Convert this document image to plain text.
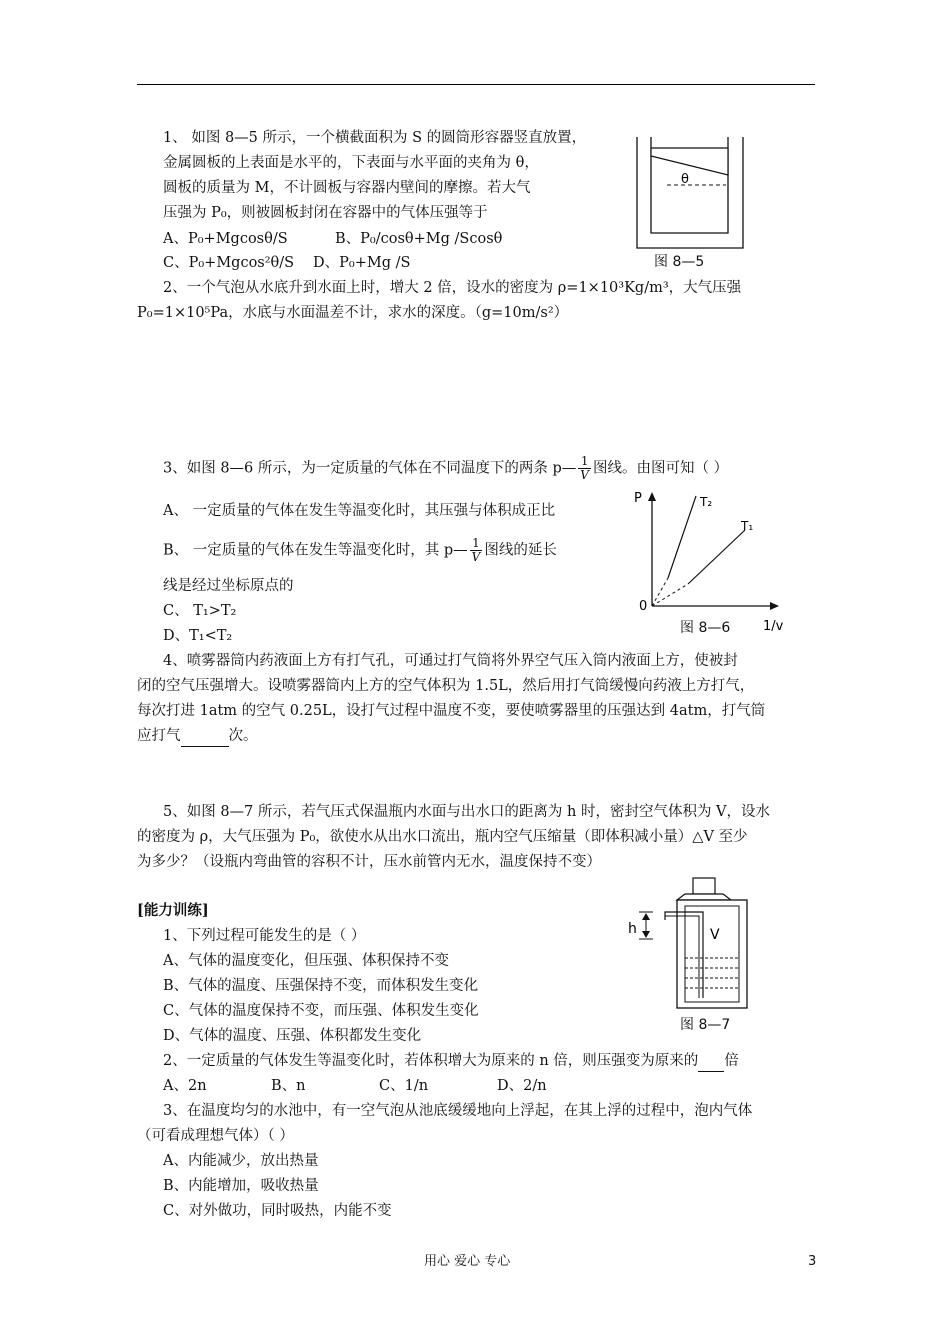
1、 如图 8—5 所示，一个横截面积为 S 的圆筒形容器竖直放置，
金属圆板的上表面是水平的，下表面与水平面的夹角为 θ，
圆板的质量为 M，不计圆板与容器内壁间的摩擦。若大气
压强为 P₀，则被圆板封闭在容器中的气体压强等于
A、P₀+Mgcosθ/S	B、P₀/cosθ+Mg /Scosθ
C、P₀+Mgcos²θ/S D、P₀+Mg /S
θ
图 8—5
2、一个气泡从水底升到水面上时，增大 2 倍，设水的密度为 ρ=1×10³Kg/m³，大气压强
P₀=1×10⁵Pa，水底与水面温差不计，求水的深度。（g=10m/s²）
3、如图 8—6 所示，为一定质量的气体在不同温度下的两条 p— $\frac{1}{V}$ 图线。由图可知（ ）
A、 一定质量的气体在发生等温变化时，其压强与体积成正比
B、 一定质量的气体在发生等温变化时，其 p— $\frac{1}{V}$ 图线的延长
线是经过坐标原点的
C、 T₁>T₂
D、T₁<T₂
P
0
T₂
T₁
1/v
图 8—6
4、喷雾器筒内药液面上方有打气孔，可通过打气筒将外界空气压入筒内液面上方，使被封
闭的空气压强增大。设喷雾器筒内上方的空气体积为 1.5L，然后用打气筒缓慢向药液上方打气，
每次打进 1atm 的空气 0.25L，设打气过程中温度不变，要使喷雾器里的压强达到 4atm，打气筒
应打气	次。
5、如图 8—7 所示，若气压式保温瓶内水面与出水口的距离为 h 时，密封空气体积为 V，设水
的密度为 ρ，大气压强为 P₀，欲使水从出水口流出，瓶内空气压缩量（即体积减小量）△V 至少
为多少？（设瓶内弯曲管的容积不计，压水前管内无水，温度保持不变）
[能力训练]
1、下列过程可能发生的是（ ）
A、气体的温度变化，但压强、体积保持不变
B、气体的温度、压强保持不变，而体积发生变化
C、气体的温度保持不变，而压强、体积发生变化
D、气体的温度、压强、体积都发生变化
h	V
图 8—7
2、一定质量的气体发生等温变化时，若体积增大为原来的 n 倍，则压强变为原来的 倍
A、2n	B、n	C、1/n	D、2/n
3、在温度均匀的水池中，有一空气泡从池底缓缓地向上浮起，在其上浮的过程中，泡内气体
（可看成理想气体）（ ）
A、内能减少，放出热量
B、内能增加，吸收热量
C、对外做功，同时吸热，内能不变
用心 爱心 专心	3
